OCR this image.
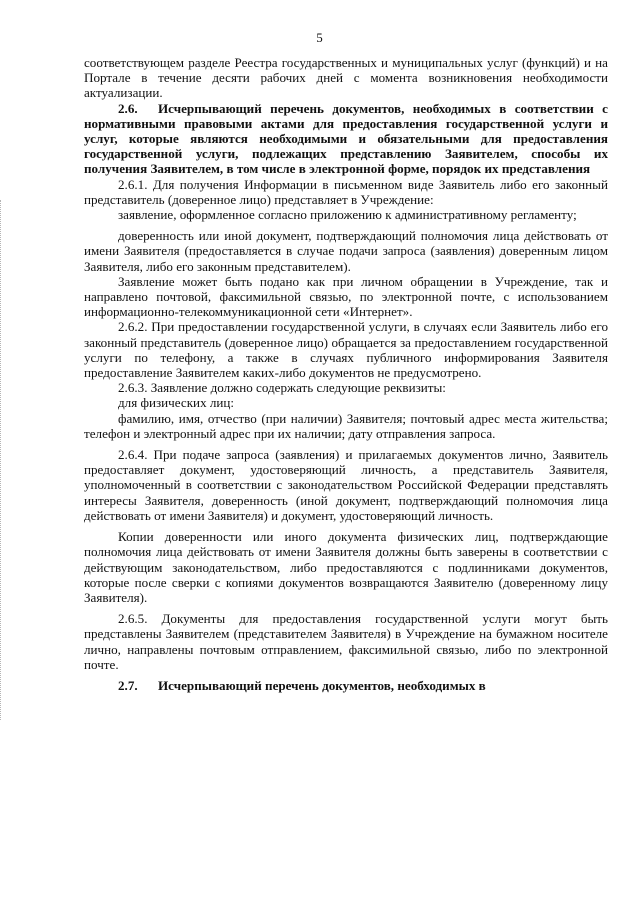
5

соответствующем разделе Реестра государственных и муниципальных услуг (функций) и на Портале в течение десяти рабочих дней с момента возникновения необходимости актуализации.

2.6. Исчерпывающий перечень документов, необходимых в соответствии с нормативными правовыми актами для предоставления государственной услуги и услуг, которые являются необходимыми и обязательными для предоставления государственной услуги, подлежащих представлению Заявителем, способы их получения Заявителем, в том числе в электронной форме, порядок их представления

2.6.1. Для получения Информации в письменном виде Заявитель либо его законный представитель (доверенное лицо) представляет в Учреждение:

заявление, оформленное согласно приложению к административному регламенту;

доверенность или иной документ, подтверждающий полномочия лица действовать от имени Заявителя (предоставляется в случае подачи запроса (заявления) доверенным лицом Заявителя, либо его законным представителем).

Заявление может быть подано как при личном обращении в Учреждение, так и направлено почтовой, факсимильной связью, по электронной почте, с использованием информационно-телекоммуникационной сети «Интернет».

2.6.2. При предоставлении государственной услуги, в случаях если Заявитель либо его законный представитель (доверенное лицо) обращается за предоставлением государственной услуги по телефону, а также в случаях публичного информирования Заявителя предоставление Заявителем каких-либо документов не предусмотрено.

2.6.3. Заявление должно содержать следующие реквизиты:

для физических лиц:

фамилию, имя, отчество (при наличии) Заявителя; почтовый адрес места жительства; телефон и электронный адрес при их наличии; дату отправления запроса.

2.6.4. При подаче запроса (заявления) и прилагаемых документов лично, Заявитель предоставляет документ, удостоверяющий личность, а представитель Заявителя, уполномоченный в соответствии с законодательством Российской Федерации представлять интересы Заявителя, доверенность (иной документ, подтверждающий полномочия лица действовать от имени Заявителя) и документ, удостоверяющий личность.

Копии доверенности или иного документа физических лиц, подтверждающие полномочия лица действовать от имени Заявителя должны быть заверены в соответствии с действующим законодательством, либо предоставляются с подлинниками документов, которые после сверки с копиями документов возвращаются Заявителю (доверенному лицу Заявителя).

2.6.5. Документы для предоставления государственной услуги могут быть представлены Заявителем (представителем Заявителя) в Учреждение на бумажном носителе лично, направлены почтовым отправлением, факсимильной связью, либо по электронной почте.

2.7. Исчерпывающий перечень документов, необходимых в
